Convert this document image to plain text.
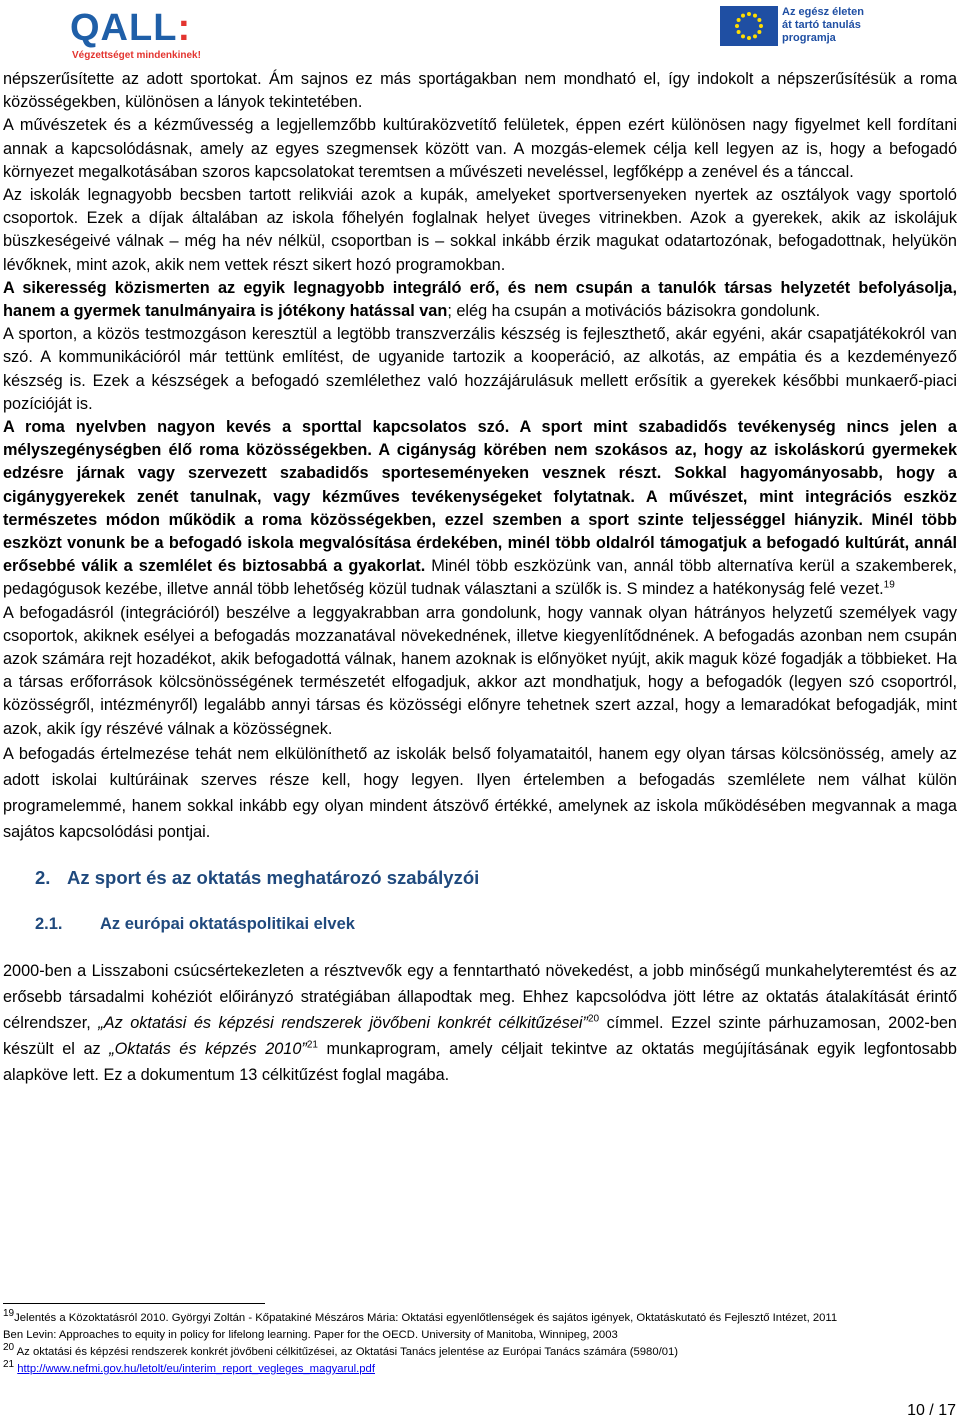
QALL:
Végzettséget mindenkinek!
Az egész életen
át tartó tanulás
programja

népszerűsítette az adott sportokat. Ám sajnos ez más sportágakban nem mondható el, így indokolt a népszerűsítésük a roma közösségekben, különösen a lányok tekintetében.

A művészetek és a kézművesség a legjellemzőbb kultúraközvetítő felületek, éppen ezért különösen nagy figyelmet kell fordítani annak a kapcsolódásnak, amely az egyes szegmensek között van. A mozgás-elemek célja kell legyen az is, hogy a befogadó környezet megalkotásában szoros kapcsolatokat teremtsen a művészeti neveléssel, legfőképp a zenével és a tánccal.

Az iskolák legnagyobb becsben tartott relikviái azok a kupák, amelyeket sportversenyeken nyertek az osztályok vagy sportoló csoportok. Ezek a díjak általában az iskola főhelyén foglalnak helyet üveges vitrinekben. Azok a gyerekek, akik az iskolájuk büszkeségeivé válnak – még ha név nélkül, csoportban is – sokkal inkább érzik magukat odatartozónak, befogadottnak, helyükön lévőknek, mint azok, akik nem vettek részt sikert hozó programokban.

A sikeresség közismerten az egyik legnagyobb integráló erő, és nem csupán a tanulók társas helyzetét befolyásolja, hanem a gyermek tanulmányaira is jótékony hatással van; elég ha csupán a motivációs bázisokra gondolunk.

A sporton, a közös testmozgáson keresztül a legtöbb transzverzális készség is fejleszthető, akár egyéni, akár csapatjátékokról van szó. A kommunikációról már tettünk említést, de ugyanide tartozik a kooperáció, az alkotás, az empátia és a kezdeményező készség is. Ezek a készségek a befogadó szemlélethez való hozzájárulásuk mellett erősítik a gyerekek későbbi munkaerő-piaci pozícióját is.

A roma nyelvben nagyon kevés a sporttal kapcsolatos szó. A sport mint szabadidős tevékenység nincs jelen a mélyszegénységben élő roma közösségekben. A cigányság körében nem szokásos az, hogy az iskoláskorú gyermekek edzésre járnak vagy szervezett szabadidős sporteseményeken vesznek részt. Sokkal hagyományosabb, hogy a cigánygyerekek zenét tanulnak, vagy kézműves tevékenységeket folytatnak. A művészet, mint integrációs eszköz természetes módon működik a roma közösségekben, ezzel szemben a sport szinte teljességgel hiányzik. Minél több eszközt vonunk be a befogadó iskola megvalósítása érdekében, minél több oldalról támogatjuk a befogadó kultúrát, annál erősebbé válik a szemlélet és biztosabbá a gyakorlat. Minél több eszközünk van, annál több alternatíva kerül a szakemberek, pedagógusok kezébe, illetve annál több lehetőség közül tudnak választani a szülők is. S mindez a hatékonyság felé vezet.$^{19}$

A befogadásról (integrációról) beszélve a leggyakrabban arra gondolunk, hogy vannak olyan hátrányos helyzetű személyek vagy csoportok, akiknek esélyei a befogadás mozzanatával növekednének, illetve kiegyenlítődnének. A befogadás azonban nem csupán azok számára rejt hozadékot, akik befogadottá válnak, hanem azoknak is előnyöket nyújt, akik maguk közé fogadják a többieket. Ha a társas erőforrások kölcsönösségének természetét elfogadjuk, akkor azt mondhatjuk, hogy a befogadók (legyen szó csoportról, közösségről, intézményről) legalább annyi társas és közösségi előnyre tehetnek szert azzal, hogy a lemaradókat befogadják, mint azok, akik így részévé válnak a közösségnek.

A befogadás értelmezése tehát nem elkülöníthető az iskolák belső folyamataitól, hanem egy olyan társas kölcsönösség, amely az adott iskolai kultúráinak szerves része kell, hogy legyen. Ilyen értelemben a befogadás szemlélete nem válhat külön programelemmé, hanem sokkal inkább egy olyan mindent átszövő értékké, amelynek az iskola működésében megvannak a maga sajátos kapcsolódási pontjai.

2. Az sport és az oktatás meghatározó szabályzói

2.1. Az európai oktatáspolitikai elvek

2000-ben a Lisszaboni csúcsértekezleten a résztvevők egy a fenntartható növekedést, a jobb minőségű munkahelyteremtést és az erősebb társadalmi kohéziót előirányzó stratégiában állapodtak meg. Ehhez kapcsolódva jött létre az oktatás átalakítását érintő célrendszer, „Az oktatási és képzési rendszerek jövőbeni konkrét célkitűzései”$^{20}$ címmel. Ezzel szinte párhuzamosan, 2002-ben készült el az „Oktatás és képzés 2010”$^{21}$ munkaprogram, amely céljait tekintve az oktatás megújításának egyik legfontosabb alapköve lett. Ez a dokumentum 13 célkitűzést foglal magába.

$^{19}$Jelentés a Közoktatásról 2010. Györgyi Zoltán - Kőpatakiné Mészáros Mária: Oktatási egyenlőtlenségek és sajátos igények, Oktatáskutató és Fejlesztő Intézet, 2011

Ben Levin: Approaches to equity in policy for lifelong learning. Paper for the OECD. University of Manitoba, Winnipeg, 2003

$^{20}$ Az oktatási és képzési rendszerek konkrét jövőbeni célkitűzései, az Oktatási Tanács jelentése az Európai Tanács számára (5980/01)

$^{21}$ http://www.nefmi.gov.hu/letolt/eu/interim_report_vegleges_magyarul.pdf

10 / 17
